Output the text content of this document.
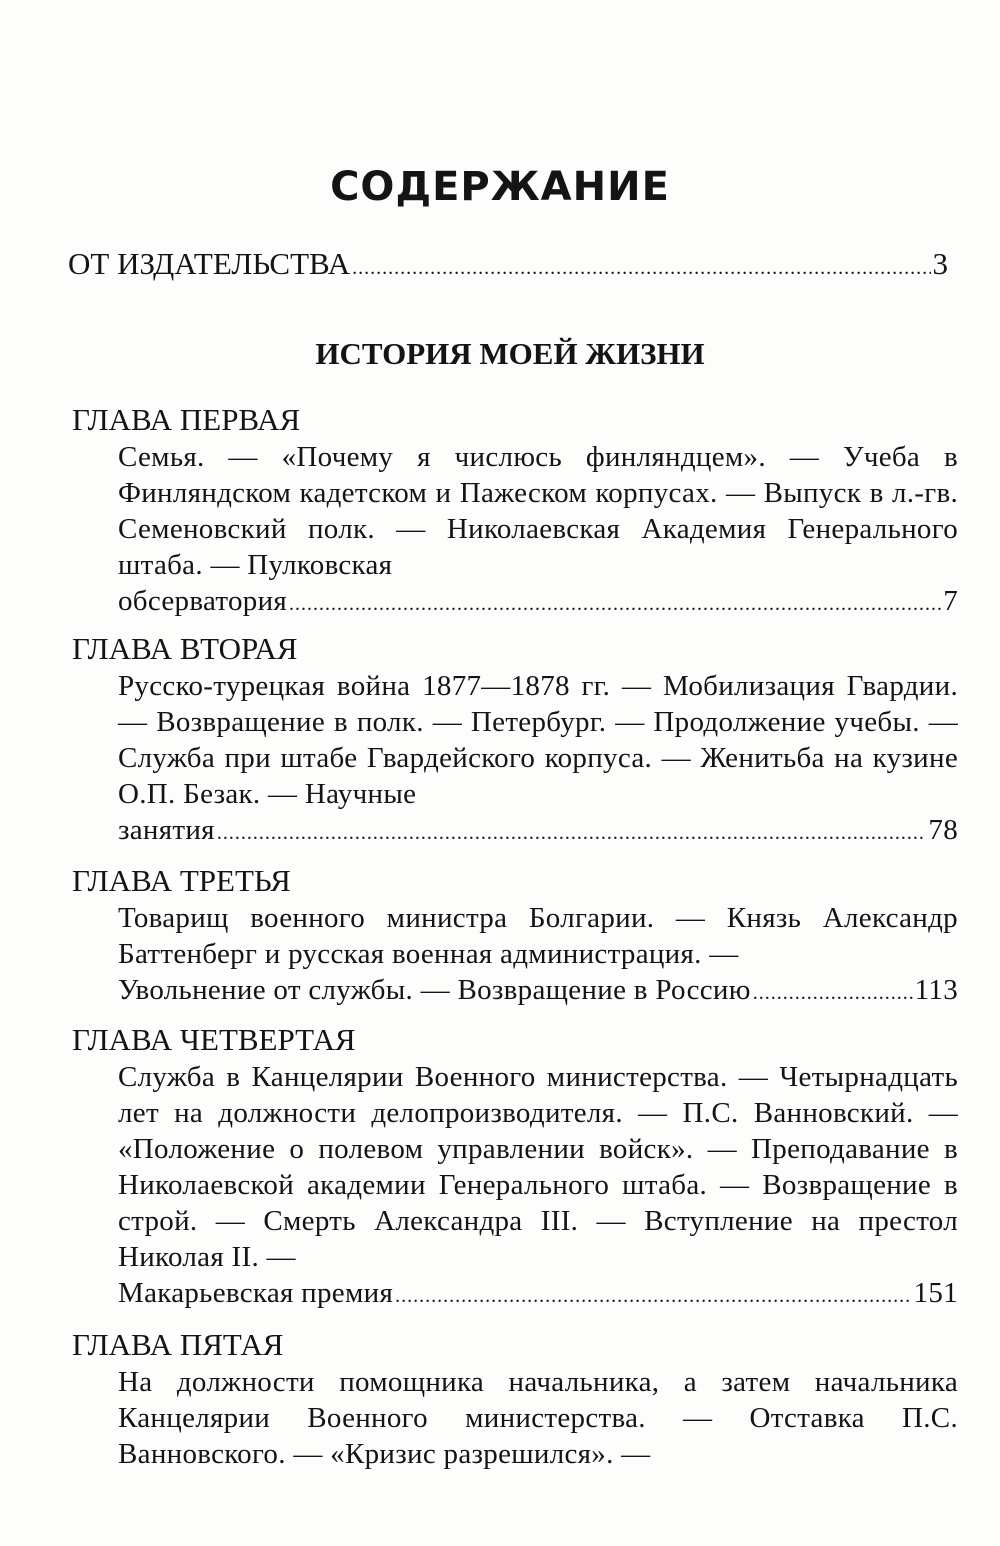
СОДЕРЖАНИЕ
ОТ ИЗДАТЕЛЬСТВА . . .	3
ИСТОРИЯ МОЕЙ ЖИЗНИ

ГЛАВА ПЕРВАЯ

Семья. — «Почему я числюсь финляндцем». — Учеба в Финляндском кадетском и Пажеском корпусах. — Выпуск в л.-гв. Семеновский полк. — Николаевская Академия Генерального штаба. — Пулковская

обсерватория . . .	7

ГЛАВА ВТОРАЯ

Русско-турецкая война 1877—1878 гг. — Мобилизация Гвардии. — Возвращение в полк. — Петербург. — Продолжение учебы. — Служба при штабе Гвардейского корпуса. — Женитьба на кузине О.П. Безак. — Научные

занятия . . .	78

ГЛАВА ТРЕТЬЯ

Товарищ военного министра Болгарии. — Князь Александр Баттенберг и русская военная администрация. —

Увольнение от службы. — Возвращение в Россию . . .	113

ГЛАВА ЧЕТВЕРТАЯ

Служба в Канцелярии Военного министерства. — Четырнадцать лет на должности делопроизводителя. — П.С. Ванновский. — «Положение о полевом управлении войск». — Преподавание в Николаевской академии Генерального штаба. — Возвращение в строй. — Смерть Александра III. — Вступление на престол Николая II. —

Макарьевская премия . . .	151

ГЛАВА ПЯТАЯ

На должности помощника начальника, а затем начальника Канцелярии Военного министерства. — Отставка П.С. Ванновского. — «Кризис разрешился». —
